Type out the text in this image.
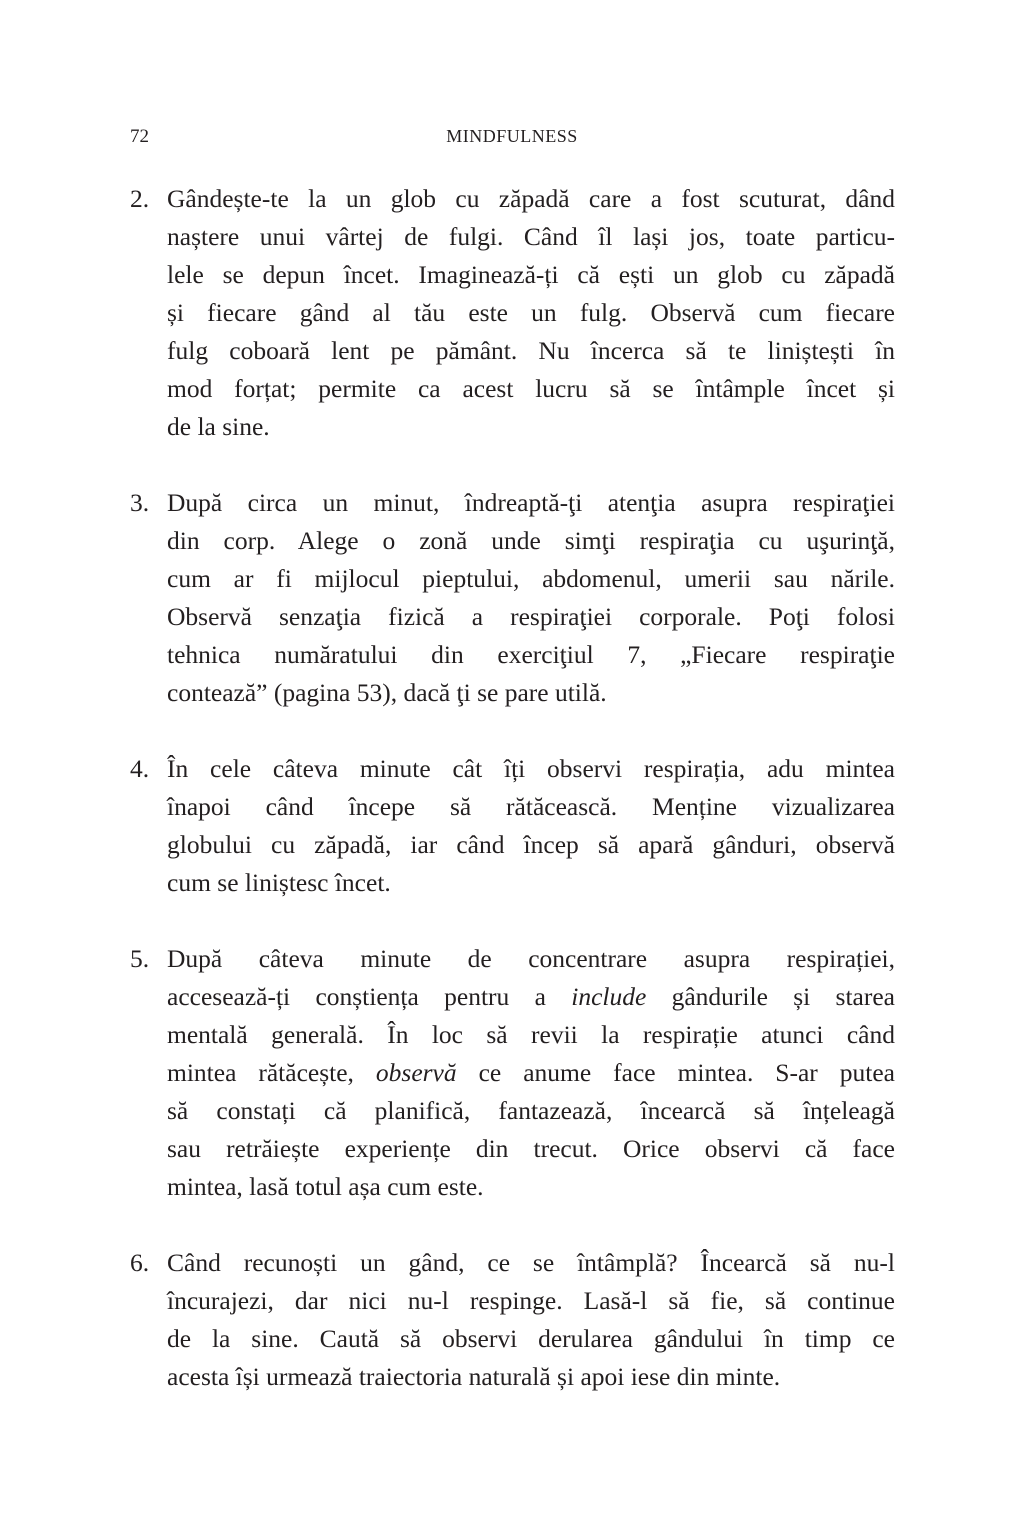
72	MINDFULNESS
2. Gândește-te la un glob cu zăpadă care a fost scuturat, dând
naștere unui vârtej de fulgi. Când îl lași jos, toate particu-
lele se depun încet. Imaginează-ți că ești un glob cu zăpadă
și fiecare gând al tău este un fulg. Observă cum fiecare
fulg coboară lent pe pământ. Nu încerca să te liniștești în
mod forțat; permite ca acest lucru să se întâmple încet și
de la sine.
3. După circa un minut, îndreaptă-ţi atenţia asupra respiraţiei
din corp. Alege o zonă unde simţi respiraţia cu uşurinţă,
cum ar fi mijlocul pieptului, abdomenul, umerii sau nările.
Observă senzaţia fizică a respiraţiei corporale. Poţi folosi
tehnica număratului din exerciţiul 7, „Fiecare respiraţie
contează” (pagina 53), dacă ţi se pare utilă.
4. În cele câteva minute cât îți observi respirația, adu mintea
înapoi când începe să rătăcească. Menține vizualizarea
globului cu zăpadă, iar când încep să apară gânduri, observă
cum se liniștesc încet.
5. După câteva minute de concentrare asupra respirației,
accesează-ți conștiența pentru a include gândurile și starea
mentală generală. În loc să revii la respirație atunci când
mintea rătăcește, observă ce anume face mintea. S-ar putea
să constați că planifică, fantazează, încearcă să înțeleagă
sau retrăiește experiențe din trecut. Orice observi că face
mintea, lasă totul așa cum este.
6. Când recunoști un gând, ce se întâmplă? Încearcă să nu-l
încurajezi, dar nici nu-l respinge. Lasă-l să fie, să continue
de la sine. Caută să observi derularea gândului în timp ce
acesta își urmează traiectoria naturală și apoi iese din minte.
